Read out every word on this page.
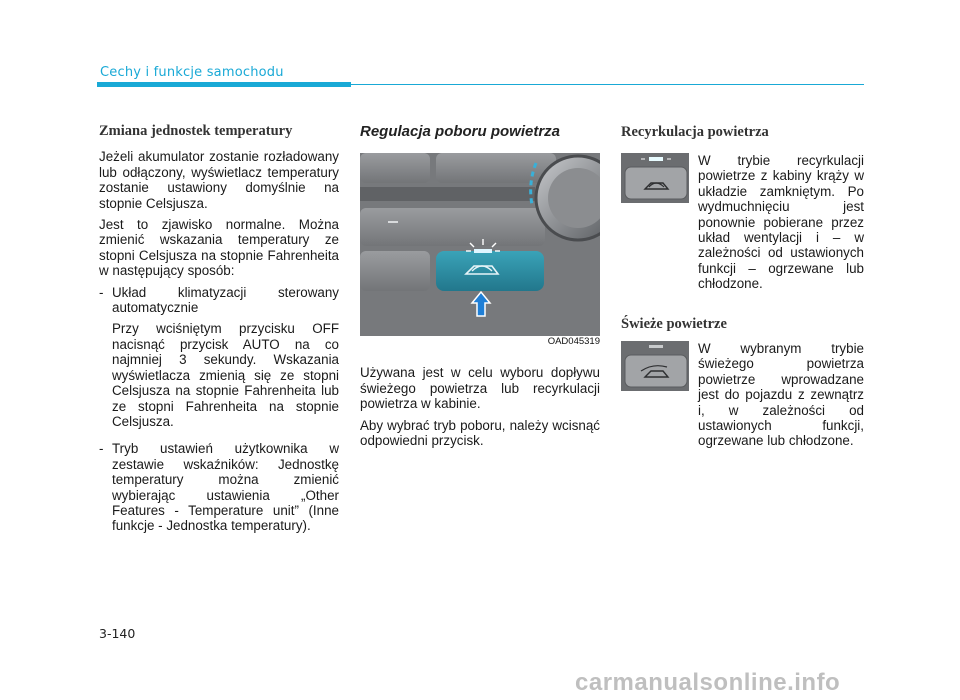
Cechy i funkcje samochodu
Zmiana jednostek temperatury

Jeżeli akumulator zostanie rozładowany lub odłączony, wyświetlacz temperatury zostanie ustawiony domyślnie na stopnie Celsjusza.

Jest to zjawisko normalne. Można zmienić wskazania temperatury ze stopni Celsjusza na stopnie Fahrenheita w następujący sposób:

- Układ klimatyzacji sterowany automatycznie

Przy wciśniętym przycisku OFF nacisnąć przycisk AUTO na co najmniej 3 sekundy. Wskazania wyświetlacza zmienią się ze stopni Celsjusza na stopnie Fahrenheita lub ze stopni Fahrenheita na stopnie Celsjusza.

- Tryb ustawień użytkownika w zestawie wskaźników: Jednostkę temperatury można zmienić wybierając ustawienia „Other Features - Temperature unit” (Inne funkcje - Jednostka temperatury).

Regulacja poboru powietrza
OAD045319

Używana jest w celu wyboru dopływu świeżego powietrza lub recyrkulacji powietrza w kabinie.

Aby wybrać tryb poboru, należy wcisnąć odpowiedni przycisk.

Recyrkulacja powietrza

W trybie recyrkulacji powietrze z kabiny krąży w układzie zamkniętym. Po wydmuchnięciu jest ponownie pobierane przez układ wentylacji i – w zależności od ustawionych funkcji – ogrzewane lub chłodzone.

Świeże powietrze

W wybranym trybie świeżego powietrza powietrze wprowadzane jest do pojazdu z zewnątrz i, w zależności od ustawionych funkcji, ogrzewane lub chłodzone.

3-140
carmanualsonline.info
